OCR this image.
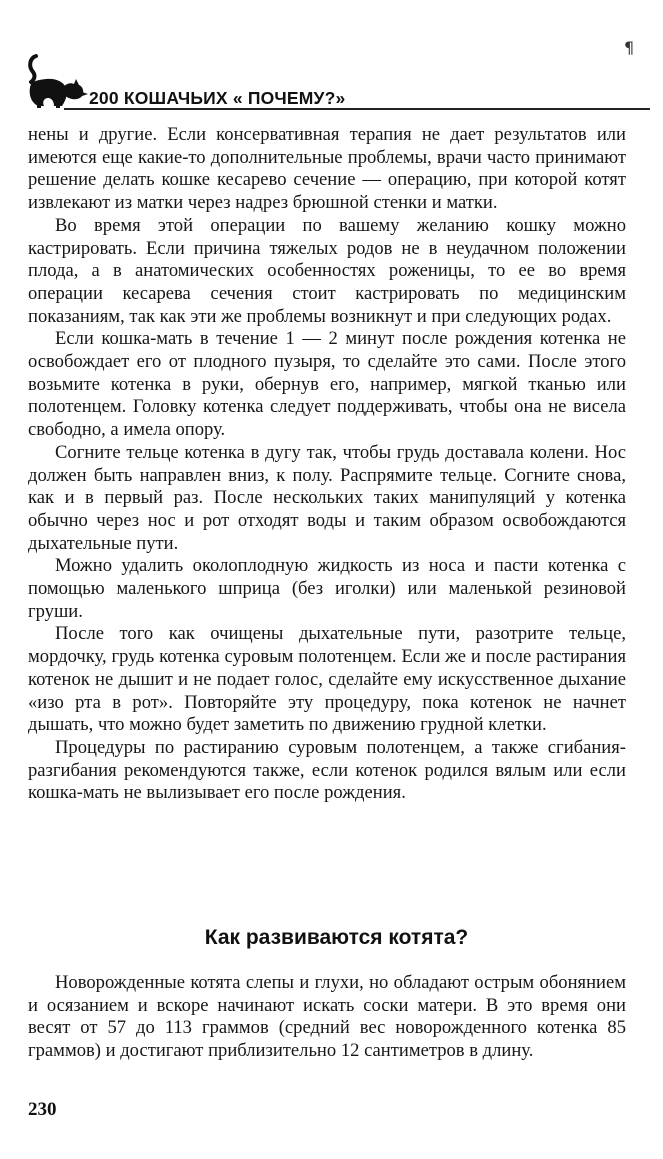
200 КОШАЧЬИХ « ПОЧЕМУ?»
¶

нены и другие. Если консервативная терапия не дает результатов или имеются еще какие-то дополнительные проблемы, врачи часто принимают решение делать кошке кесарево сечение — операцию, при которой котят извлекают из матки через надрез брюшной стенки и матки.

Во время этой операции по вашему желанию кошку можно кастрировать. Если причина тяжелых родов не в неудачном положении плода, а в анатомических особенностях роженицы, то ее во время операции кесарева сечения стоит кастрировать по медицинским показаниям, так как эти же проблемы возникнут и при следующих родах.

Если кошка-мать в течение 1 — 2 минут после рождения котенка не освобождает его от плодного пузыря, то сделайте это сами. После этого возьмите котенка в руки, обернув его, например, мягкой тканью или полотенцем. Головку котенка следует поддерживать, чтобы она не висела свободно, а имела опору.

Согните тельце котенка в дугу так, чтобы грудь доставала колени. Нос должен быть направлен вниз, к полу. Распрямите тельце. Согните снова, как и в первый раз. После нескольких таких манипуляций у котенка обычно через нос и рот отходят воды и таким образом освобождаются дыхательные пути.

Можно удалить околоплодную жидкость из носа и пасти котенка с помощью маленького шприца (без иголки) или маленькой резиновой груши.

После того как очищены дыхательные пути, разотрите тельце, мордочку, грудь котенка суровым полотенцем. Если же и после растирания котенок не дышит и не подает голос, сделайте ему искусственное дыхание «изо рта в рот». Повторяйте эту процедуру, пока котенок не начнет дышать, что можно будет заметить по движению грудной клетки.

Процедуры по растиранию суровым полотенцем, а также сгибания-разгибания рекомендуются также, если котенок родился вялым или если кошка-мать не вылизывает его после рождения.

Как развиваются котята?

Новорожденные котята слепы и глухи, но обладают острым обонянием и осязанием и вскоре начинают искать соски матери. В это время они весят от 57 до 113 граммов (средний вес новорожденного котенка 85 граммов) и достигают приблизительно 12 сантиметров в длину.

230
